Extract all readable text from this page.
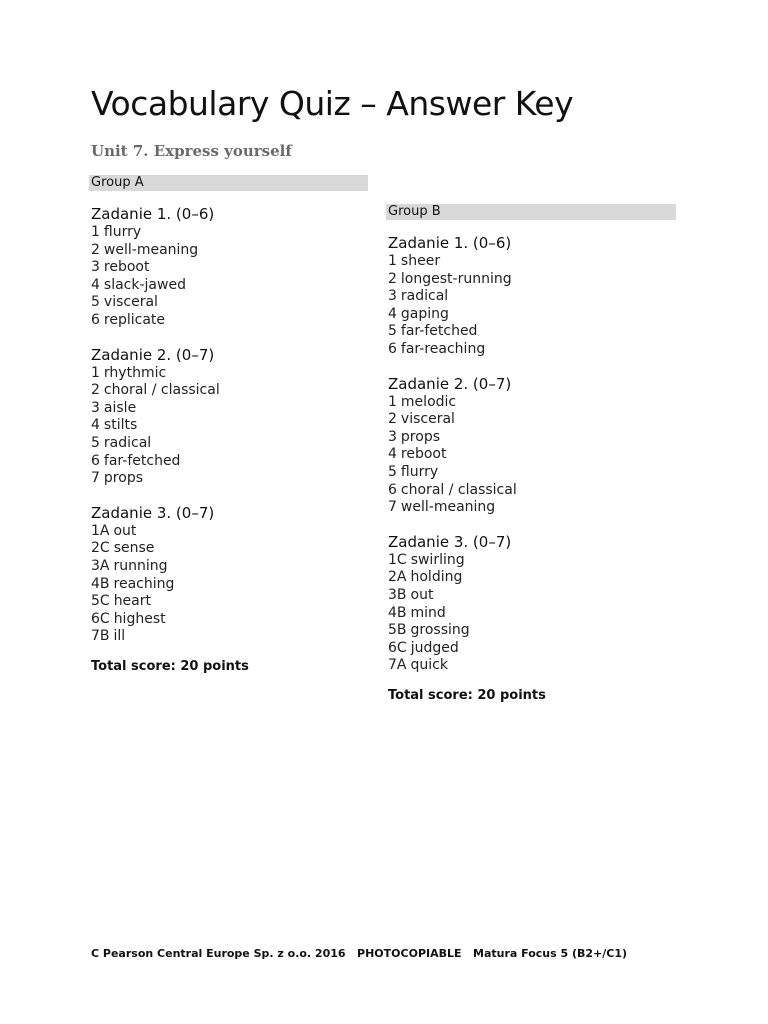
Vocabulary Quiz – Answer Key
Unit 7. Express yourself
Group A
Zadanie 1. (0–6)
1 flurry
2 well-meaning
3 reboot
4 slack-jawed
5 visceral
6 replicate
Zadanie 2. (0–7)
1 rhythmic
2 choral / classical
3 aisle
4 stilts
5 radical
6 far-fetched
7 props
Zadanie 3. (0–7)
1A out
2C sense
3A running
4B reaching
5C heart
6C highest
7B ill
Total score: 20 points
Group B
Zadanie 1. (0–6)
1 sheer
2 longest-running
3 radical
4 gaping
5 far-fetched
6 far-reaching
Zadanie 2. (0–7)
1 melodic
2 visceral
3 props
4 reboot
5 flurry
6 choral / classical
7 well-meaning
Zadanie 3. (0–7)
1C swirling
2A holding
3B out
4B mind
5B grossing
6C judged
7A quick
Total score: 20 points
C Pearson Central Europe Sp. z o.o. 2016   PHOTOCOPIABLE   Matura Focus 5 (B2+/C1)
